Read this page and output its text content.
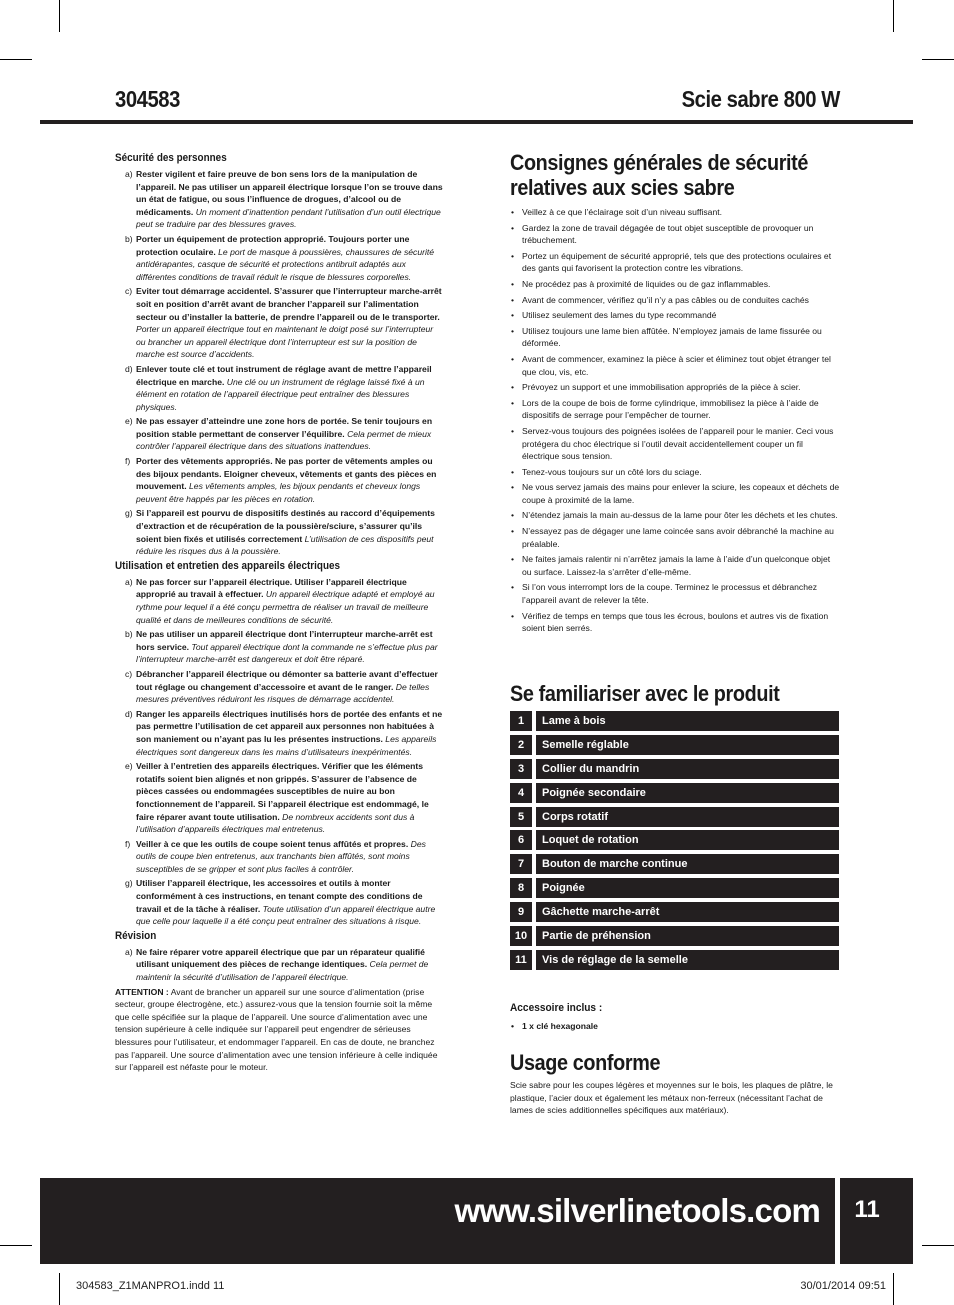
304583	Scie sabre 800 W
Sécurité des personnes
a) Rester vigilent et faire preuve de bon sens lors de la manipulation de l’appareil. Ne pas utiliser un appareil électrique lorsque l’on se trouve dans un état de fatigue, ou sous l’influence de drogues, d’alcool ou de médicaments. Un moment d’inattention pendant l’utilisation d’un outil électrique peut se traduire par des blessures graves.
b) Porter un équipement de protection approprié. Toujours porter une protection oculaire. Le port de masque à poussières, chaussures de sécurité antidérapantes, casque de sécurité et protections antibruit adaptés aux différentes conditions de travail réduit le risque de blessures corporelles.
c) Eviter tout démarrage accidentel. S’assurer que l’interrupteur marche-arrêt soit en position d’arrêt avant de brancher l’appareil sur l’alimentation secteur ou d’installer la batterie, de prendre l’appareil ou de le transporter. Porter un appareil électrique tout en maintenant le doigt posé sur l’interrupteur ou brancher un appareil électrique dont l’interrupteur est sur la position de marche est source d’accidents.
d) Enlever toute clé et tout instrument de réglage avant de mettre l’appareil électrique en marche. Une clé ou un instrument de réglage laissé fixé à un élément en rotation de l’appareil électrique peut entraîner des blessures physiques.
e) Ne pas essayer d’atteindre une zone hors de portée. Se tenir toujours en position stable permettant de conserver l’équilibre. Cela permet de mieux contrôler l’appareil électrique dans des situations inattendues.
f) Porter des vêtements appropriés. Ne pas porter de vêtements amples ou des bijoux pendants. Eloigner cheveux, vêtements et gants des pièces en mouvement. Les vêtements amples, les bijoux pendants et cheveux longs peuvent être happés par les pièces en rotation.
g) Si l’appareil est pourvu de dispositifs destinés au raccord d’équipements d’extraction et de récupération de la poussière/sciure, s’assurer qu’ils soient bien fixés et utilisés correctement L’utilisation de ces dispositifs peut réduire les risques dus à la poussière.
Utilisation et entretien des appareils électriques
a) Ne pas forcer sur l’appareil électrique. Utiliser l’appareil électrique approprié au travail à effectuer. Un appareil électrique adapté et employé au rythme pour lequel il a été conçu permettra de réaliser un travail de meilleure qualité et dans de meilleures conditions de sécurité.
b) Ne pas utiliser un appareil électrique dont l’interrupteur marche-arrêt est hors service. Tout appareil électrique dont la commande ne s’effectue plus par l’interrupteur marche-arrêt est dangereux et doit être réparé.
c) Débrancher l’appareil électrique ou démonter sa batterie avant d’effectuer tout réglage ou changement d’accessoire et avant de le ranger. De telles mesures préventives réduiront les risques de démarrage accidentel.
d) Ranger les appareils électriques inutilisés hors de portée des enfants et ne pas permettre l’utilisation de cet appareil aux personnes non habituées à son maniement ou n’ayant pas lu les présentes instructions. Les appareils électriques sont dangereux dans les mains d’utilisateurs inexpérimentés.
e) Veiller à l’entretien des appareils électriques. Vérifier que les éléments rotatifs soient bien alignés et non grippés. S’assurer de l’absence de pièces cassées ou endommagées susceptibles de nuire au bon fonctionnement de l’appareil. Si l’appareil électrique est endommagé, le faire réparer avant toute utilisation. De nombreux accidents sont dus à l’utilisation d’appareils électriques mal entretenus.
f) Veiller à ce que les outils de coupe soient tenus affûtés et propres. Des outils de coupe bien entretenus, aux tranchants bien affûtés, sont moins susceptibles de se gripper et sont plus faciles à contrôler.
g) Utiliser l’appareil électrique, les accessoires et outils à monter conformément à ces instructions, en tenant compte des conditions de travail et de la tâche à réaliser. Toute utilisation d’un appareil électrique autre que celle pour laquelle il a été conçu peut entraîner des situations à risque.
Révision
a) Ne faire réparer votre appareil électrique que par un réparateur qualifié utilisant uniquement des pièces de rechange identiques. Cela permet de maintenir la sécurité d’utilisation de l’appareil électrique.
ATTENTION : Avant de brancher un appareil sur une source d’alimentation (prise secteur, groupe électrogène, etc.) assurez-vous que la tension fournie soit la même que celle spécifiée sur la plaque de l’appareil. Une source d’alimentation avec une tension supérieure à celle indiquée sur l’appareil peut engendrer de sérieuses blessures pour l’utilisateur, et endommager l’appareil. En cas de doute, ne branchez pas l’appareil. Une source d’alimentation avec une tension inférieure à celle indiquée sur l’appareil est néfaste pour le moteur.
Consignes générales de sécurité
relatives aux scies sabre
• Veillez à ce que l’éclairage soit d’un niveau suffisant.
• Gardez la zone de travail dégagée de tout objet susceptible de provoquer un trébuchement.
• Portez un équipement de sécurité approprié, tels que des protections oculaires et des gants qui favorisent la protection contre les vibrations.
• Ne procédez pas à proximité de liquides ou de gaz inflammables.
• Avant de commencer, vérifiez qu’il n’y a pas câbles ou de conduites cachés
• Utilisez seulement des lames du type recommandé
• Utilisez toujours une lame bien affûtée. N’employez jamais de lame fissurée ou déformée.
• Avant de commencer, examinez la pièce à scier et éliminez tout objet étranger tel que clou, vis, etc.
• Prévoyez un support et une immobilisation appropriés de la pièce à scier.
• Lors de la coupe de bois de forme cylindrique, immobilisez la pièce à l’aide de dispositifs de serrage pour l’empêcher de tourner.
• Servez-vous toujours des poignées isolées de l’appareil pour le manier. Ceci vous protégera du choc électrique si l’outil devait accidentellement couper un fil électrique sous tension.
• Tenez-vous toujours sur un côté lors du sciage.
• Ne vous servez jamais des mains pour enlever la sciure, les copeaux et déchets de coupe à proximité de la lame.
• N’étendez jamais la main au-dessus de la lame pour ôter les déchets et les chutes.
• N’essayez pas de dégager une lame coincée sans avoir débranché la machine au préalable.
• Ne faites jamais ralentir ni n’arrêtez jamais la lame à l’aide d’un quelconque objet ou surface. Laissez-la s’arrêter d’elle-même.
• Si l’on vous interrompt lors de la coupe. Terminez le processus et débranchez l’appareil avant de relever la tête.
• Vérifiez de temps en temps que tous les écrous, boulons et autres vis de fixation soient bien serrés.
Se familiariser avec le produit
1	Lame à bois
2	Semelle réglable
3	Collier du mandrin
4	Poignée secondaire
5	Corps rotatif
6	Loquet de rotation
7	Bouton de marche continue
8	Poignée
9	Gâchette marche-arrêt
10	Partie de préhension
11	Vis de réglage de la semelle
Accessoire inclus :
• 1 x clé hexagonale
Usage conforme
Scie sabre pour les coupes légères et moyennes sur le bois, les plaques de plâtre, le plastique, l’acier doux et également les métaux non-ferreux (nécessitant l’achat de lames de scies additionnelles spécifiques aux matériaux).
www.silverlinetools.com	11
304583_Z1MANPRO1.indd 11	30/01/2014 09:51
